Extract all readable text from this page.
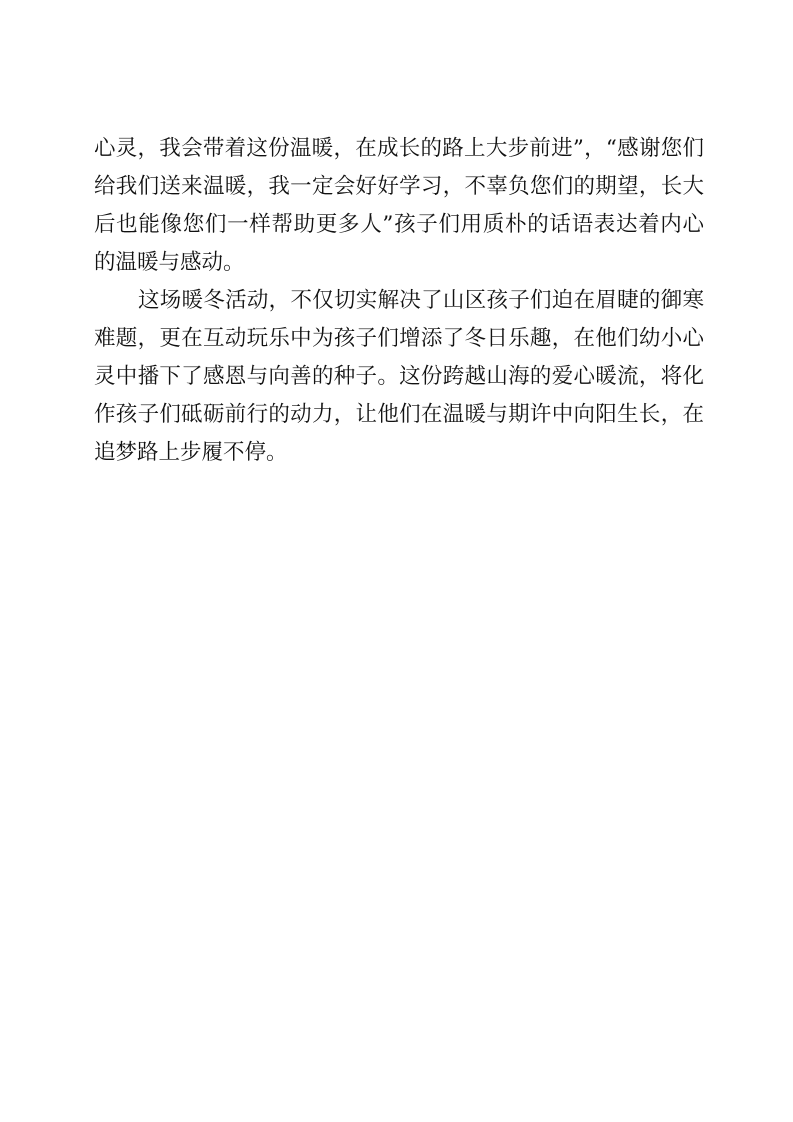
心灵，我会带着这份温暖，在成长的路上大步前进”，“感谢您们
给我们送来温暖，我一定会好好学习，不辜负您们的期望，长大
后也能像您们一样帮助更多人”孩子们用质朴的话语表达着内心
的温暖与感动。
这场暖冬活动，不仅切实解决了山区孩子们迫在眉睫的御寒
难题，更在互动玩乐中为孩子们增添了冬日乐趣，在他们幼小心
灵中播下了感恩与向善的种子。这份跨越山海的爱心暖流，将化
作孩子们砥砺前行的动力，让他们在温暖与期许中向阳生长，在
追梦路上步履不停。
